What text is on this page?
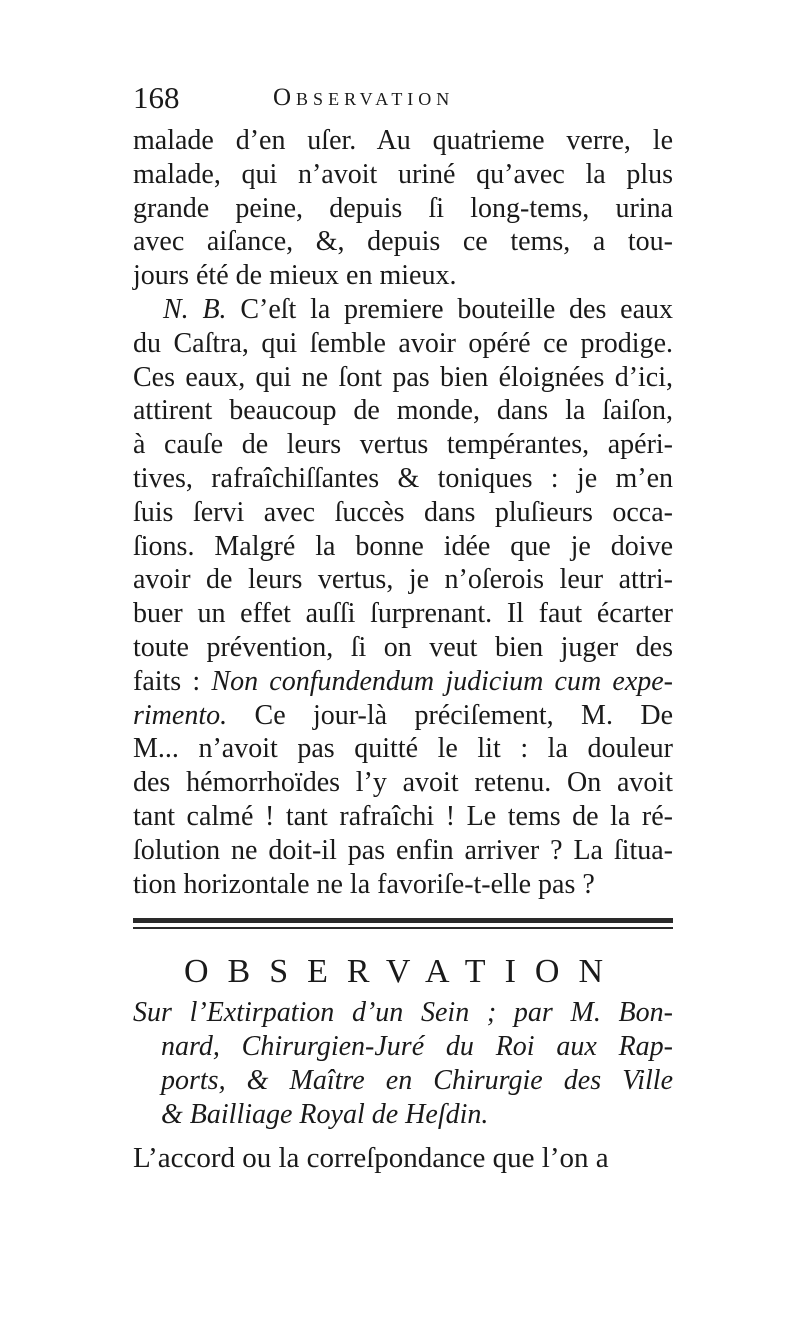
168	Observation
malade d’en uſer. Au quatrieme verre, le
malade, qui n’avoit uriné qu’avec la plus
grande peine, depuis ſi long-tems, urina
avec aiſance, &, depuis ce tems, a tou-
jours été de mieux en mieux.
N. B. C’eſt la premiere bouteille des eaux
du Caſtra, qui ſemble avoir opéré ce prodige.
Ces eaux, qui ne ſont pas bien éloignées d’ici,
attirent beaucoup de monde, dans la ſaiſon,
à cauſe de leurs vertus tempérantes, apéri-
tives, rafraîchiſſantes & toniques : je m’en
ſuis ſervi avec ſuccès dans pluſieurs occa-
ſions. Malgré la bonne idée que je doive
avoir de leurs vertus, je n’oſerois leur attri-
buer un effet auſſi ſurprenant. Il faut écarter
toute prévention, ſi on veut bien juger des
faits : Non confundendum judicium cum expe-
rimento. Ce jour-là préciſement, M. De
M... n’avoit pas quitté le lit : la douleur
des hémorrhoïdes l’y avoit retenu. On avoit
tant calmé ! tant rafraîchi ! Le tems de la ré-
ſolution ne doit-il pas enfin arriver ? La ſitua-
tion horizontale ne la favoriſe-t-elle pas ?
OBSERVATION
Sur l’Extirpation d’un Sein ; par M. Bon-
nard, Chirurgien-Juré du Roi aux Rap-
ports, & Maître en Chirurgie des Ville
& Bailliage Royal de Heſdin.
L’accord ou la correſpondance que l’on a
